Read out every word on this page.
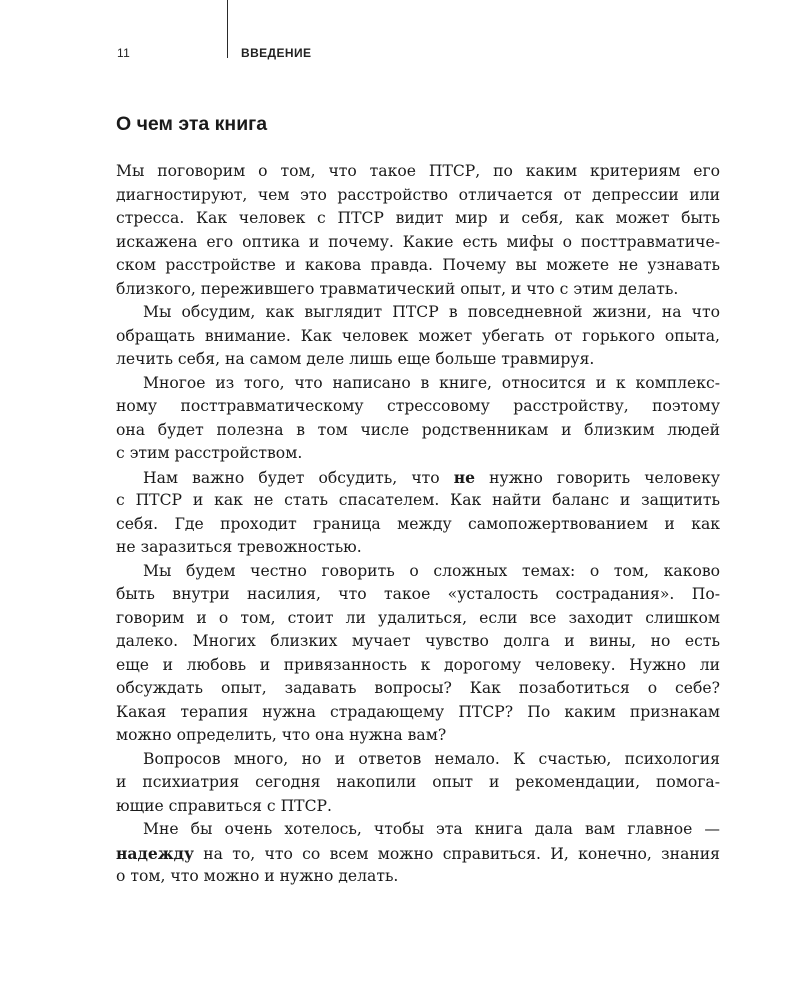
11	ВВЕДЕНИЕ
О чем эта книга
Мы поговорим о том, что такое ПТСР, по каким критериям его
диагностируют, чем это расстройство отличается от депрессии или
стресса. Как человек с ПТСР видит мир и себя, как может быть
искажена его оптика и почему. Какие есть мифы о посттравматиче-
ском расстройстве и какова правда. Почему вы можете не узнавать
близкого, пережившего травматический опыт, и что с этим делать.
Мы обсудим, как выглядит ПТСР в повседневной жизни, на что
обращать внимание. Как человек может убегать от горького опыта,
лечить себя, на самом деле лишь еще больше травмируя.
Многое из того, что написано в книге, относится и к комплекс-
ному посттравматическому стрессовому расстройству, поэтому
она будет полезна в том числе родственникам и близким людей
с этим расстройством.
Нам важно будет обсудить, что не нужно говорить человеку
с ПТСР и как не стать спасателем. Как найти баланс и защитить
себя. Где проходит граница между самопожертвованием и как
не заразиться тревожностью.
Мы будем честно говорить о сложных темах: о том, каково
быть внутри насилия, что такое «усталость сострадания». По-
говорим и о том, стоит ли удалиться, если все заходит слишком
далеко. Многих близких мучает чувство долга и вины, но есть
еще и любовь и привязанность к дорогому человеку. Нужно ли
обсуждать опыт, задавать вопросы? Как позаботиться о себе?
Какая терапия нужна страдающему ПТСР? По каким признакам
можно определить, что она нужна вам?
Вопросов много, но и ответов немало. К счастью, психология
и психиатрия сегодня накопили опыт и рекомендации, помога-
ющие справиться с ПТСР.
Мне бы очень хотелось, чтобы эта книга дала вам главное —
надежду на то, что со всем можно справиться. И, конечно, знания
о том, что можно и нужно делать.
